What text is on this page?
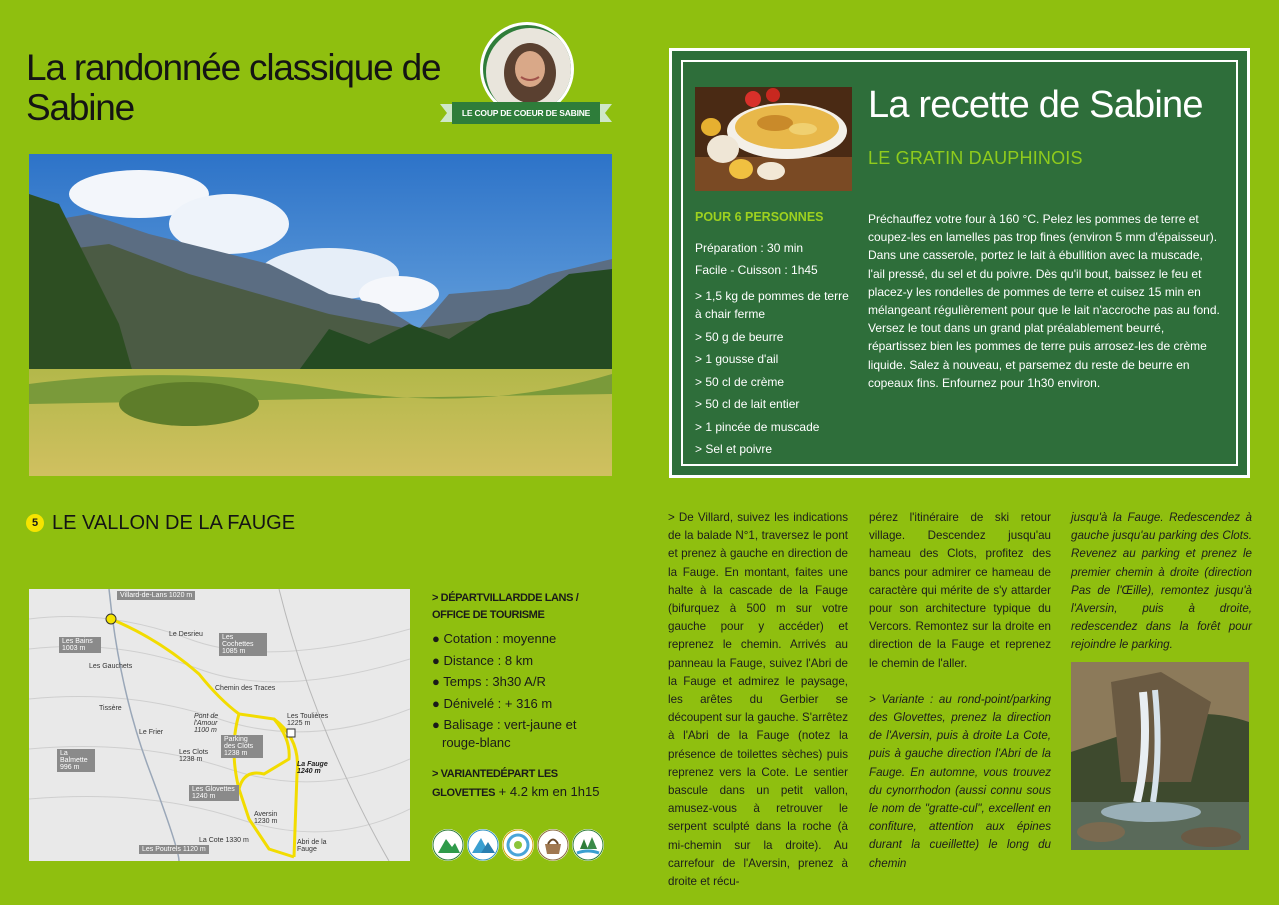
La randonnée classique de Sabine	LE COUP DE COEUR DE SABINE
5 LE VALLON DE LA FAUGE
Villard-de-Lans 1020 m
Les Bains 1003 m
Le Desrieu	Les Cochettes 1085 m
Les Gauchets
Chemin des Traces
Pont de l'Amour 1100 m
Parking des Clots 1238 m
Les Clots 1238 m
La Balmette 996 m
Les Glovettes 1240 m
La Fauge 1240 m
Les Poutrels 1120 m
La Cote 1330 m
Aversin 1230 m
Abri de la Fauge
Les Toulières 1225 m
Le Frier
Tissère
> DÉPARTVILLARDDE LANS / OFFICE DE TOURISME
● Cotation : moyenne
● Distance : 8 km
● Temps : 3h30 A/R
● Dénivelé : + 316 m
● Balisage : vert-jaune et rouge-blanc
> VARIANTEDÉPART LES GLOVETTES + 4.2 km en 1h15
La recette de Sabine
LE GRATIN DAUPHINOIS
POUR 6 PERSONNES
Préparation : 30 min
Facile - Cuisson : 1h45
> 1,5 kg de pommes de terre à chair ferme
> 50 g de beurre
> 1 gousse d'ail
> 50 cl de crème
> 50 cl de lait entier
> 1 pincée de muscade
> Sel et poivre
Préchauffez votre four à 160 °C. Pelez les pommes de terre et coupez-les en lamelles pas trop fines (environ 5 mm d'épaisseur). Dans une casserole, portez le lait à ébullition avec la muscade, l'ail pressé, du sel et du poivre. Dès qu'il bout, baissez le feu et placez-y les rondelles de pommes de terre et cuisez 15 min en mélangeant régulièrement pour que le lait n'accroche pas au fond. Versez le tout dans un grand plat préalablement beurré, répartissez bien les pommes de terre puis arrosez-les de crème liquide. Salez à nouveau, et parsemez du reste de beurre en copeaux fins. Enfournez pour 1h30 environ.
> De Villard, suivez les indications de la balade N°1, traversez le pont et prenez à gauche en direction de la Fauge. En montant, faites une halte à la cascade de la Fauge (bifurquez à 500 m sur votre gauche pour y accéder) et reprenez le chemin. Arrivés au panneau la Fauge, suivez l'Abri de la Fauge et admirez le paysage, les arêtes du Gerbier se découpent sur la gauche. S'arrêtez à l'Abri de la Fauge (notez la présence de toilettes sèches) puis reprenez vers la Cote. Le sentier bascule dans un petit vallon, amusez-vous à retrouver le serpent sculpté dans la roche (à mi-chemin sur la droite). Au carrefour de l'Aversin, prenez à droite et récu-
pérez l'itinéraire de ski retour village. Descendez jusqu'au hameau des Clots, profitez des bancs pour admirer ce hameau de caractère qui mérite de s'y attarder pour son architecture typique du Vercors. Remontez sur la droite en direction de la Fauge et reprenez le chemin de l'aller.
> Variante : au rond-point/parking des Glovettes, prenez la direction de l'Aversin, puis à droite La Cote, puis à gauche direction l'Abri de la Fauge. En automne, vous trouvez du cynorrhodon (aussi connu sous le nom de "gratte-cul", excellent en confiture, attention aux épines durant la cueillette) le long du chemin
jusqu'à la Fauge. Redescendez à gauche jusqu'au parking des Clots. Revenez au parking et prenez le premier chemin à droite (direction Pas de l'Œille), remontez jusqu'à l'Aversin, puis à droite, redescendez dans la forêt pour rejoindre le parking.
